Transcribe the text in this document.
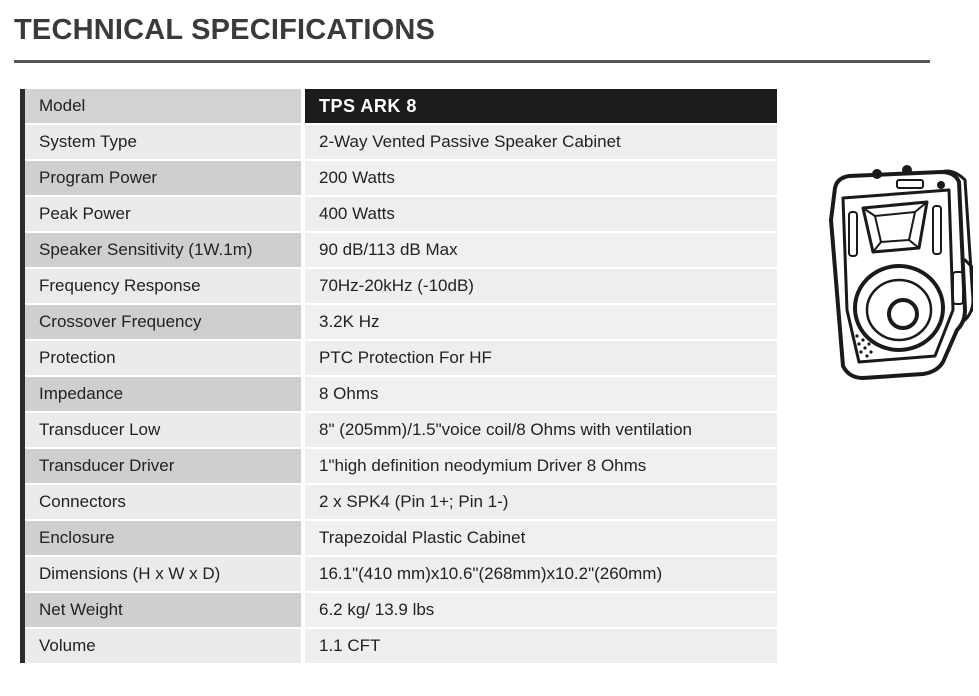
TECHNICAL SPECIFICATIONS
Model	TPS ARK 8
System Type	2-Way Vented Passive Speaker Cabinet
Program Power	200 Watts
Peak Power	400 Watts
Speaker Sensitivity (1W.1m)	90 dB/113 dB Max
Frequency Response	70Hz-20kHz (-10dB)
Crossover Frequency	3.2K Hz
Protection	PTC Protection For HF
Impedance	8 Ohms
Transducer Low	8" (205mm)/1.5"voice coil/8 Ohms with ventilation
Transducer Driver	1"high definition neodymium Driver 8 Ohms
Connectors	2 x SPK4 (Pin 1+; Pin 1-)
Enclosure	Trapezoidal Plastic Cabinet
Dimensions (H x W x D)	16.1"(410 mm)x10.6"(268mm)x10.2"(260mm)
Net Weight	6.2 kg/ 13.9 lbs
Volume	1.1 CFT
